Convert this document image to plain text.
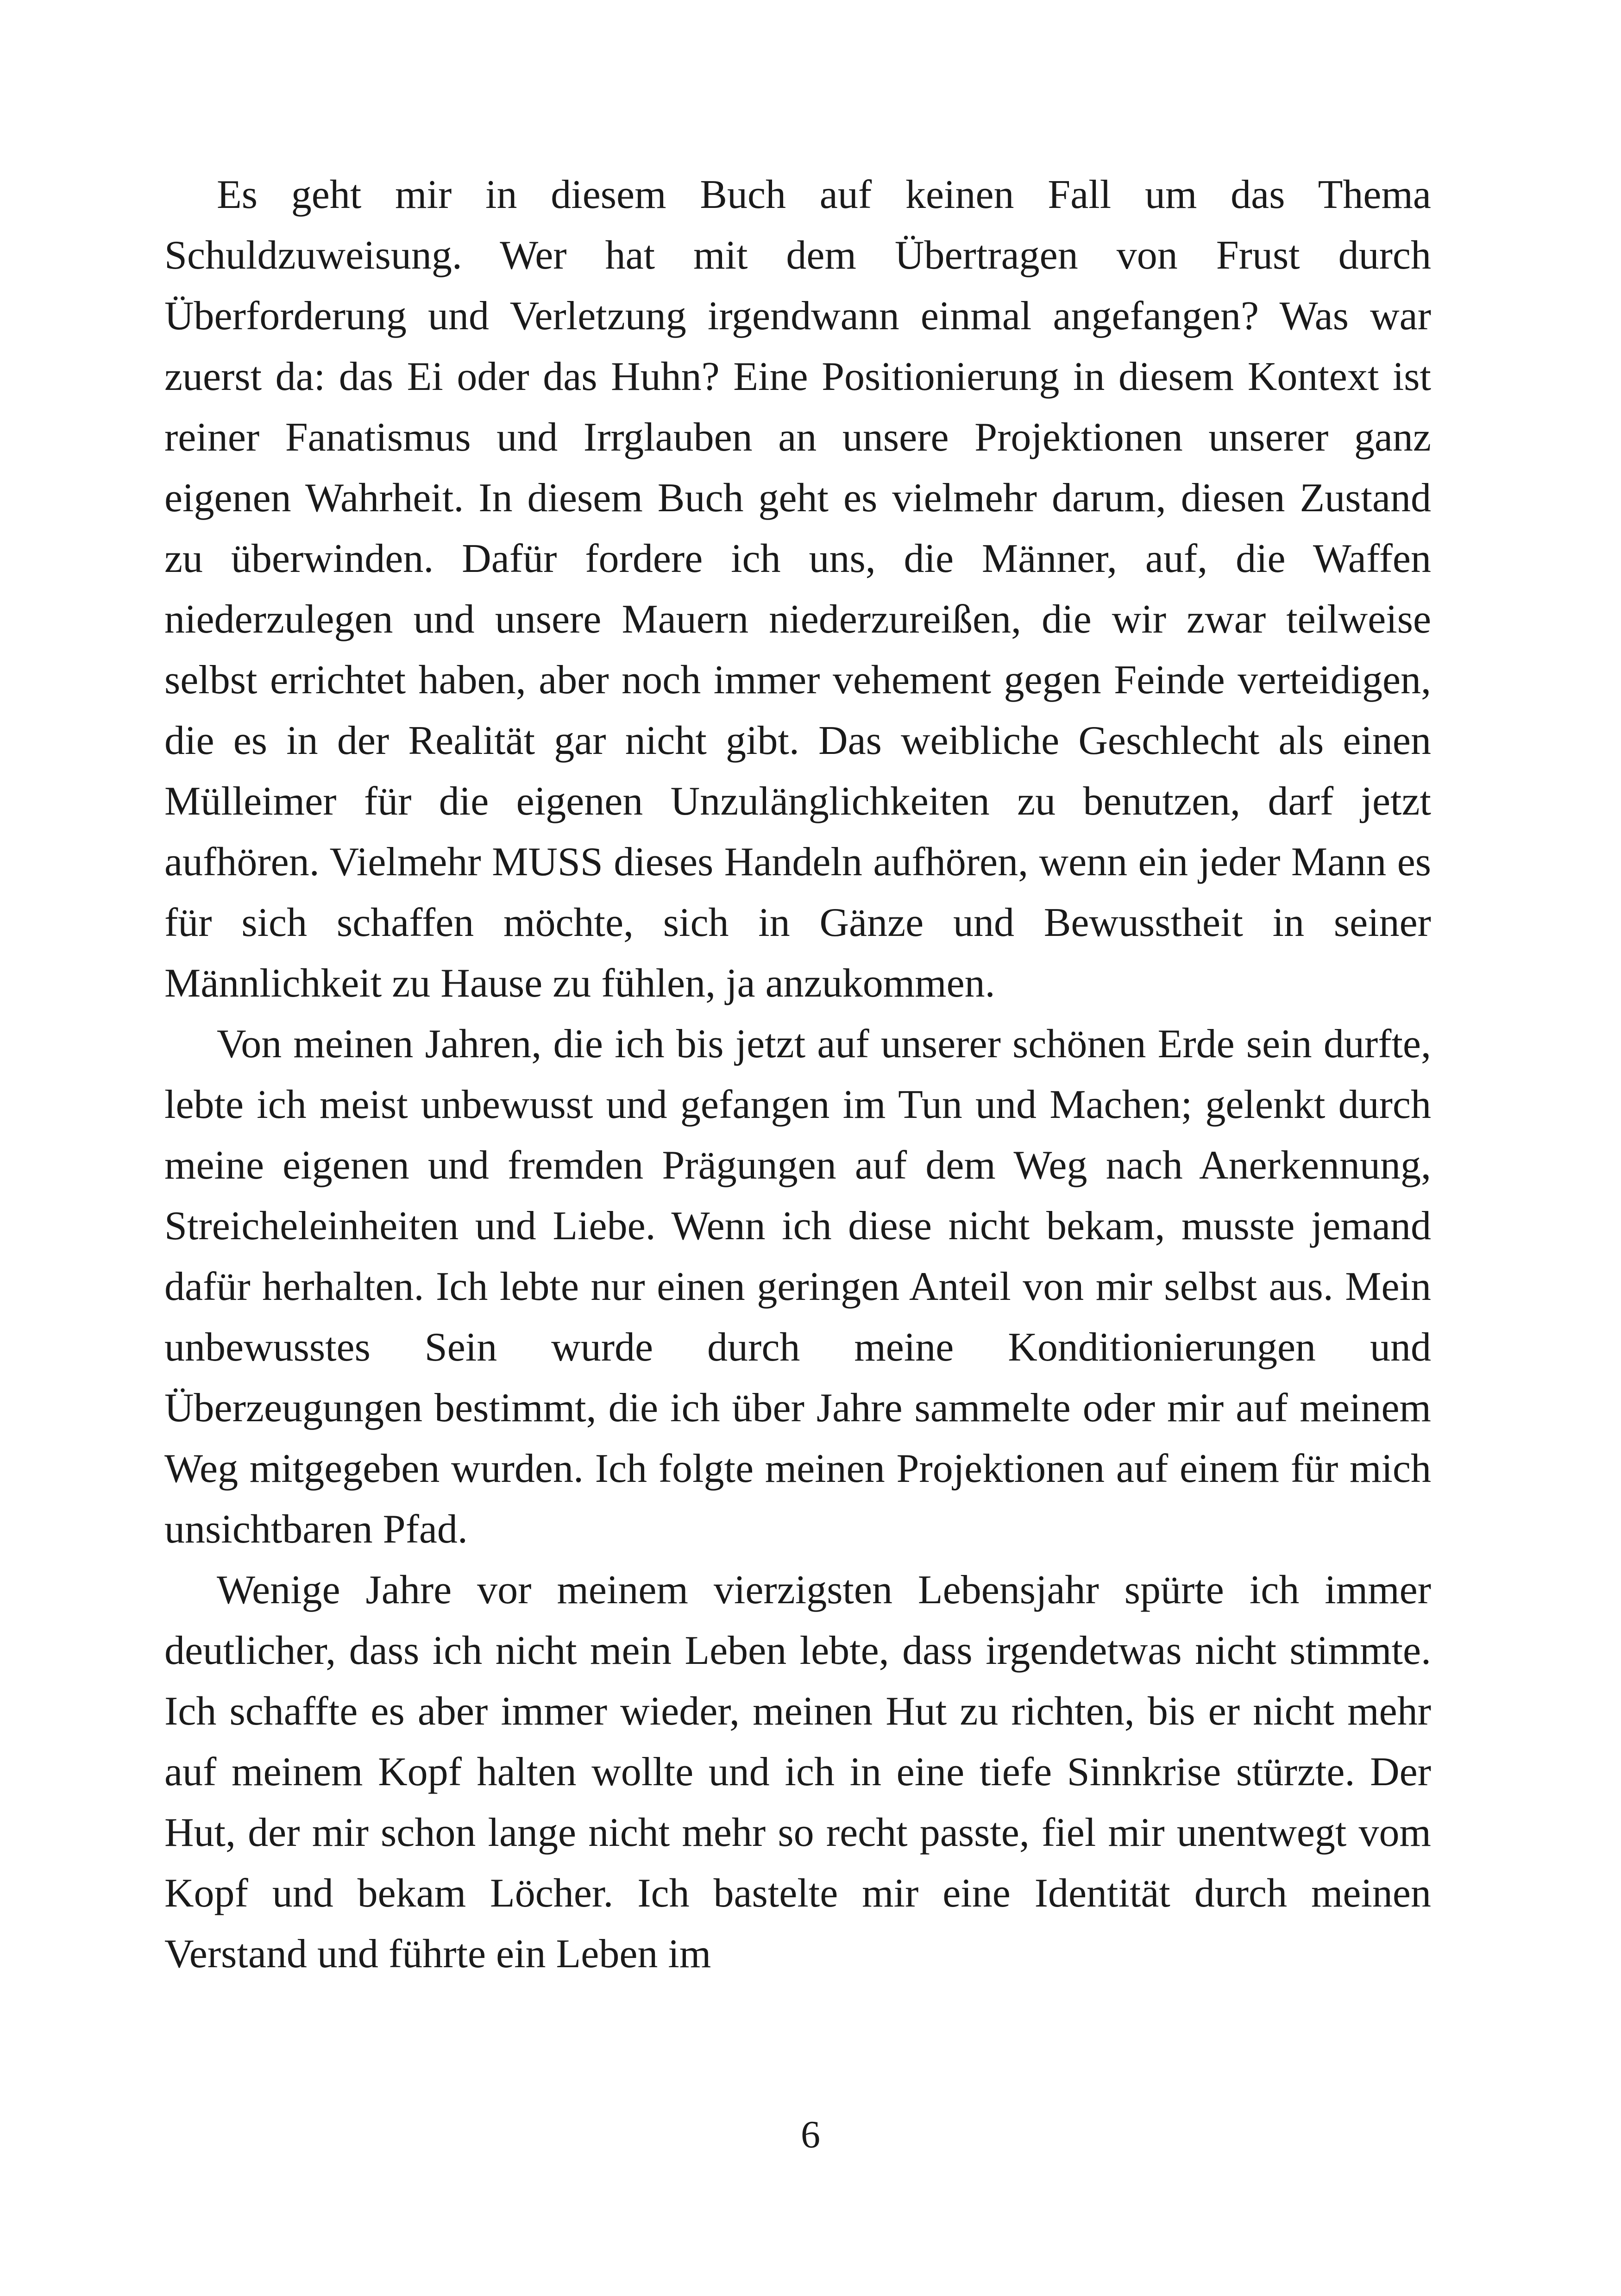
Es geht mir in diesem Buch auf keinen Fall um das Thema Schuldzuweisung. Wer hat mit dem Übertragen von Frust durch Überforderung und Verletzung irgendwann einmal angefangen? Was war zuerst da: das Ei oder das Huhn? Eine Positionierung in diesem Kontext ist reiner Fanatismus und Irrglauben an unsere Projektionen unserer ganz eigenen Wahrheit. In diesem Buch geht es vielmehr darum, diesen Zustand zu überwinden. Dafür fordere ich uns, die Männer, auf, die Waffen niederzulegen und unsere Mauern niederzureißen, die wir zwar teilweise selbst errichtet haben, aber noch immer vehement gegen Feinde verteidigen, die es in der Realität gar nicht gibt. Das weibliche Geschlecht als einen Mülleimer für die eigenen Unzulänglichkeiten zu benutzen, darf jetzt aufhören. Vielmehr MUSS dieses Handeln aufhören, wenn ein jeder Mann es für sich schaffen möchte, sich in Gänze und Bewusstheit in seiner Männlichkeit zu Hause zu fühlen, ja anzukommen.

Von meinen Jahren, die ich bis jetzt auf unserer schönen Erde sein durfte, lebte ich meist unbewusst und gefangen im Tun und Machen; gelenkt durch meine eigenen und fremden Prägungen auf dem Weg nach Anerkennung, Streicheleinheiten und Liebe. Wenn ich diese nicht bekam, musste jemand dafür herhalten. Ich lebte nur einen geringen Anteil von mir selbst aus. Mein unbewusstes Sein wurde durch meine Konditionierungen und Überzeugungen bestimmt, die ich über Jahre sammelte oder mir auf meinem Weg mitgegeben wurden. Ich folgte meinen Projektionen auf einem für mich unsichtbaren Pfad.

Wenige Jahre vor meinem vierzigsten Lebensjahr spürte ich immer deutlicher, dass ich nicht mein Leben lebte, dass irgendetwas nicht stimmte. Ich schaffte es aber immer wieder, meinen Hut zu richten, bis er nicht mehr auf meinem Kopf halten wollte und ich in eine tiefe Sinnkrise stürzte. Der Hut, der mir schon lange nicht mehr so recht passte, fiel mir unentwegt vom Kopf und bekam Löcher. Ich bastelte mir eine Identität durch meinen Verstand und führte ein Leben im

6
